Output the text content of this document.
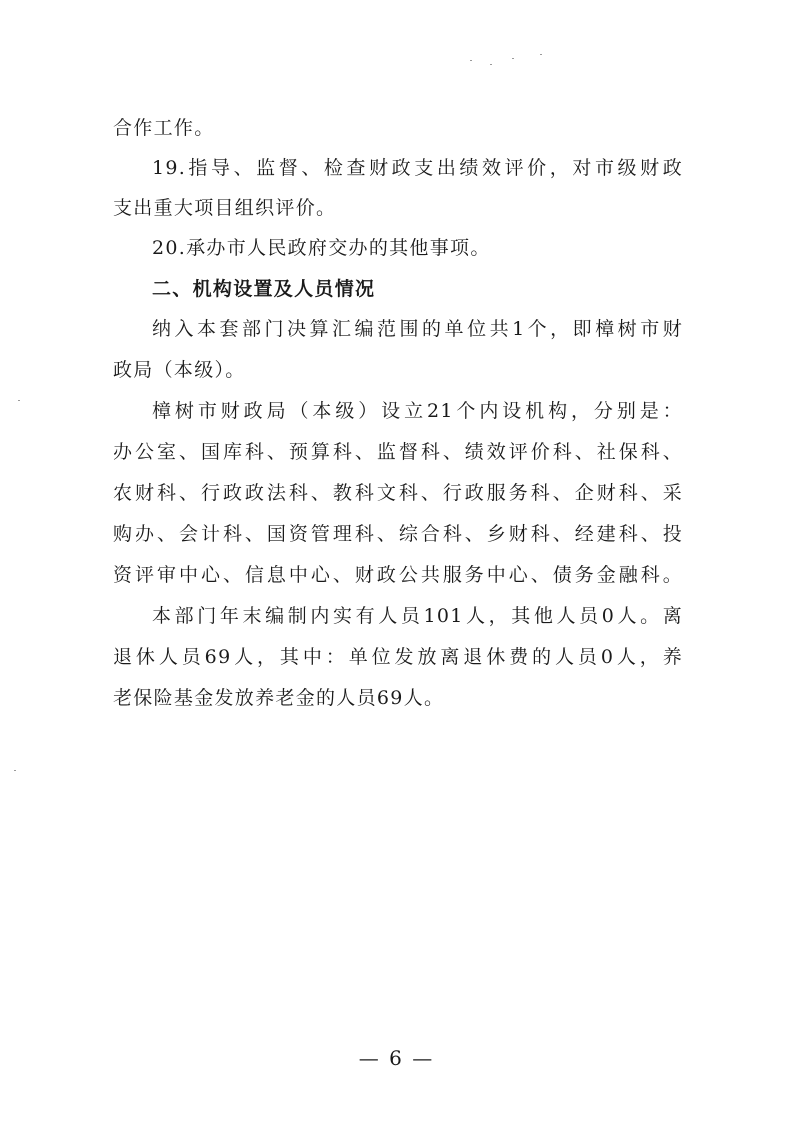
合作工作。
19.指导、监督、检查财政支出绩效评价，对市级财政
支出重大项目组织评价。
20.承办市人民政府交办的其他事项。
二、机构设置及人员情况
纳入本套部门决算汇编范围的单位共1个，即樟树市财
政局（本级）。
樟树市财政局（本级）设立21个内设机构，分别是：
办公室、国库科、预算科、监督科、绩效评价科、社保科、
农财科、行政政法科、教科文科、行政服务科、企财科、采
购办、会计科、国资管理科、综合科、乡财科、经建科、投
资评审中心、信息中心、财政公共服务中心、债务金融科。
本部门年末编制内实有人员101人，其他人员0人。离
退休人员69人，其中：单位发放离退休费的人员0人，养
老保险基金发放养老金的人员69人。
— 6 —
